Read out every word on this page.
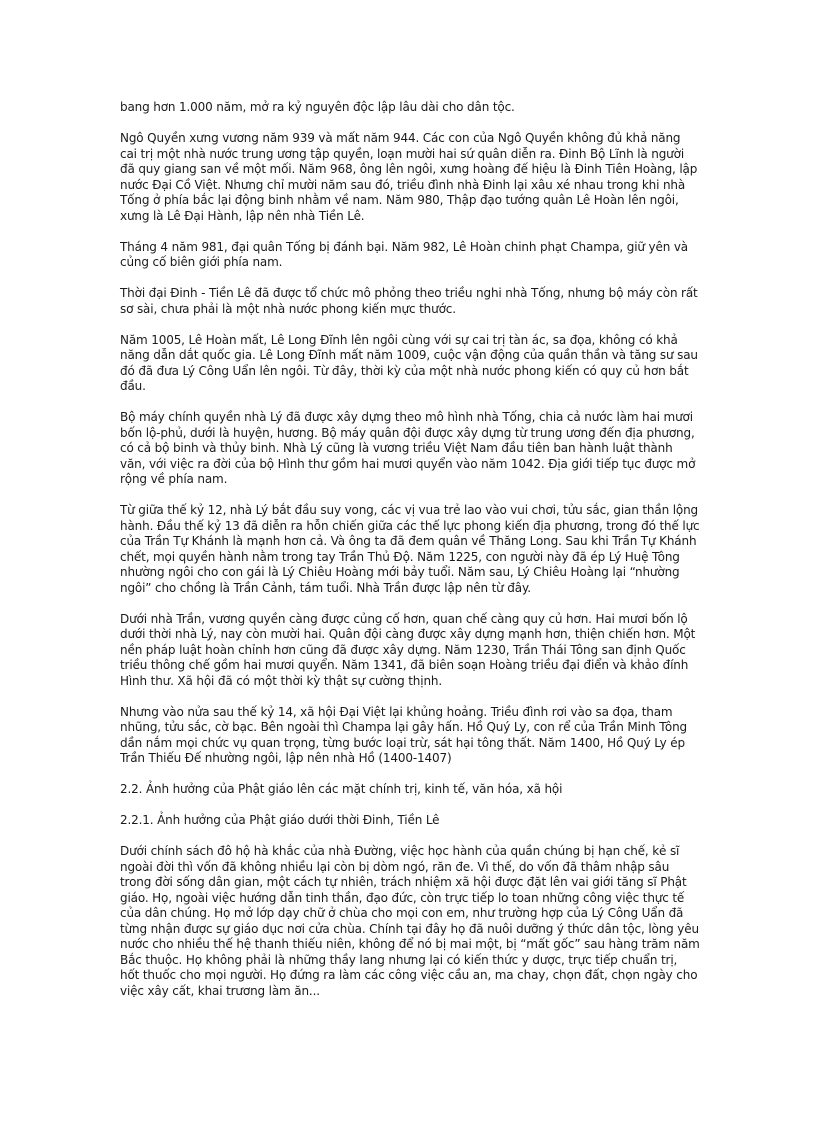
bang hơn 1.000 năm, mở ra kỷ nguyên độc lập lâu dài cho dân tộc.

Ngô Quyền xưng vương năm 939 và mất năm 944. Các con của Ngô Quyền không đủ khả năng cai trị một nhà nước trung ương tập quyền, loạn mười hai sứ quân diễn ra. Đinh Bộ Lĩnh là người đã quy giang san về một mối. Năm 968, ông lên ngôi, xưng hoàng đế hiệu là Đinh Tiên Hoàng, lập nước Đại Cồ Việt. Nhưng chỉ mười năm sau đó, triều đình nhà Đinh lại xâu xé nhau trong khi nhà Tống ở phía bắc lại động binh nhằm về nam. Năm 980, Thập đạo tướng quân Lê Hoàn lên ngôi, xưng là Lê Đại Hành, lập nên nhà Tiền Lê.

Tháng 4 năm 981, đại quân Tống bị đánh bại. Năm 982, Lê Hoàn chinh phạt Champa, giữ yên và củng cố biên giới phía nam.

Thời đại Đinh - Tiền Lê đã được tổ chức mô phỏng theo triều nghi nhà Tống, nhưng bộ máy còn rất sơ sài, chưa phải là một nhà nước phong kiến mực thước.

Năm 1005, Lê Hoàn mất, Lê Long Đĩnh lên ngôi cùng với sự cai trị tàn ác, sa đọa, không có khả năng dẫn dắt quốc gia. Lê Long Đĩnh mất năm 1009, cuộc vận động của quần thần và tăng sư sau đó đã đưa Lý Công Uẩn lên ngôi. Từ đây, thời kỳ của một nhà nước phong kiến có quy củ hơn bắt đầu.

Bộ máy chính quyền nhà Lý đã được xây dựng theo mô hình nhà Tống, chia cả nước làm hai mươi bốn lộ-phủ, dưới là huyện, hương. Bộ máy quân đội được xây dựng từ trung ương đến địa phương, có cả bộ binh và thủy binh. Nhà Lý cũng là vương triều Việt Nam đầu tiên ban hành luật thành văn, với việc ra đời của bộ Hình thư gồm hai mươi quyển vào năm 1042. Địa giới tiếp tục được mở rộng về phía nam.

Từ giữa thế kỷ 12, nhà Lý bắt đầu suy vong, các vị vua trẻ lao vào vui chơi, tửu sắc, gian thần lộng hành. Đầu thế kỷ 13 đã diễn ra hỗn chiến giữa các thế lực phong kiến địa phương, trong đó thế lực của Trần Tự Khánh là mạnh hơn cả. Và ông ta đã đem quân về Thăng Long. Sau khi Trần Tự Khánh chết, mọi quyền hành nằm trong tay Trần Thủ Độ. Năm 1225, con người này đã ép Lý Huệ Tông nhường ngôi cho con gái là Lý Chiêu Hoàng mới bảy tuổi. Năm sau, Lý Chiêu Hoàng lại “nhường ngôi” cho chồng là Trần Cảnh, tám tuổi. Nhà Trần được lập nên từ đây.

Dưới nhà Trần, vương quyền càng được củng cố hơn, quan chế càng quy củ hơn. Hai mươi bốn lộ dưới thời nhà Lý, nay còn mười hai. Quân đội càng được xây dựng mạnh hơn, thiện chiến hơn. Một nền pháp luật hoàn chỉnh hơn cũng đã được xây dựng. Năm 1230, Trần Thái Tông san định Quốc triều thông chế gồm hai mươi quyển. Năm 1341, đã biên soạn Hoàng triều đại điển và khảo đính Hình thư. Xã hội đã có một thời kỳ thật sự cường thịnh.

Nhưng vào nửa sau thế kỷ 14, xã hội Đại Việt lại khủng hoảng. Triều đình rơi vào sa đọa, tham nhũng, tửu sắc, cờ bạc. Bên ngoài thì Champa lại gây hấn. Hồ Quý Ly, con rể của Trần Minh Tông dần nắm mọi chức vụ quan trọng, từng bước loại trừ, sát hại tông thất. Năm 1400, Hồ Quý Ly ép Trần Thiếu Đế nhường ngôi, lập nên nhà Hồ (1400-1407)

2.2. Ảnh hưởng của Phật giáo lên các mặt chính trị, kinh tế, văn hóa, xã hội

2.2.1. Ảnh hưởng của Phật giáo dưới thời Đinh, Tiền Lê

Dưới chính sách đô hộ hà khắc của nhà Đường, việc học hành của quần chúng bị hạn chế, kẻ sĩ ngoài đời thì vốn đã không nhiều lại còn bị dòm ngó, răn đe. Vì thế, do vốn đã thâm nhập sâu trong đời sống dân gian, một cách tự nhiên, trách nhiệm xã hội được đặt lên vai giới tăng sĩ Phật giáo. Họ, ngoài việc hướng dẫn tinh thần, đạo đức, còn trực tiếp lo toan những công việc thực tế của dân chúng. Họ mở lớp dạy chữ ở chùa cho mọi con em, như trường hợp của Lý Công Uẩn đã từng nhận được sự giáo dục nơi cửa chùa. Chính tại đây họ đã nuôi dưỡng ý thức dân tộc, lòng yêu nước cho nhiều thế hệ thanh thiếu niên, không để nó bị mai một, bị “mất gốc” sau hàng trăm năm Bắc thuộc. Họ không phải là những thầy lang nhưng lại có kiến thức y dược, trực tiếp chuẩn trị, hốt thuốc cho mọi người. Họ đứng ra làm các công việc cầu an, ma chay, chọn đất, chọn ngày cho việc xây cất, khai trương làm ăn...
